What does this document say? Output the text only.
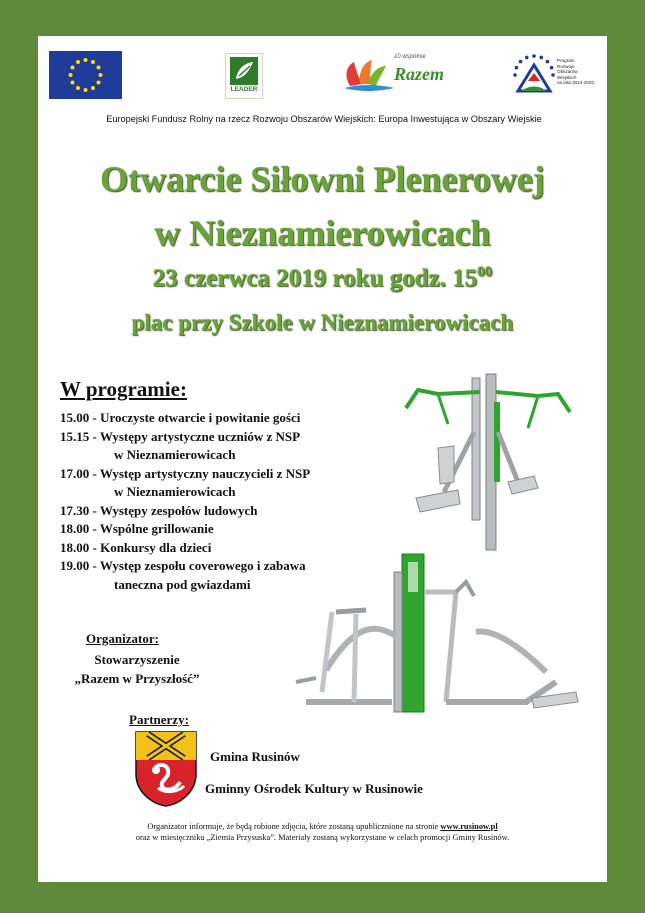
LEADER
10 wspólnie
Razem
Program
Rozwoju
Obszarów
Wiejskich
na lata 2014-2020
Europejski Fundusz Rolny na rzecz Rozwoju Obszarów Wiejskich: Europa Inwestująca w Obszary Wiejskie
Otwarcie Siłowni Plenerowej
w Nieznamierowicach
23 czerwca 2019 roku godz. $15^{00}$
plac przy Szkole w Nieznamierowicach
W programie:
15.00 - Uroczyste otwarcie i powitanie gości
15.15 - Występy artystyczne uczniów z NSP
w Nieznamierowicach
17.00 - Występ artystyczny nauczycieli z NSP
w Nieznamierowicach
17.30 - Występy zespołów ludowych
18.00 - Wspólne grillowanie
18.00 - Konkursy dla dzieci
19.00 - Występ zespołu coverowego i zabawa
taneczna pod gwiazdami
Organizator:
Stowarzyszenie
„Razem w Przyszłość”
Partnerzy:
Gmina Rusinów
Gminny Ośrodek Kultury w Rusinowie
Organizator informuje, że będą robione zdjęcia, które zostaną upublicznione na stronie www.rusinow.pl
oraz w miesięczniku „Ziemia Przysuska”. Materiały zostaną wykorzystane w celach promocji Gminy Rusinów.
